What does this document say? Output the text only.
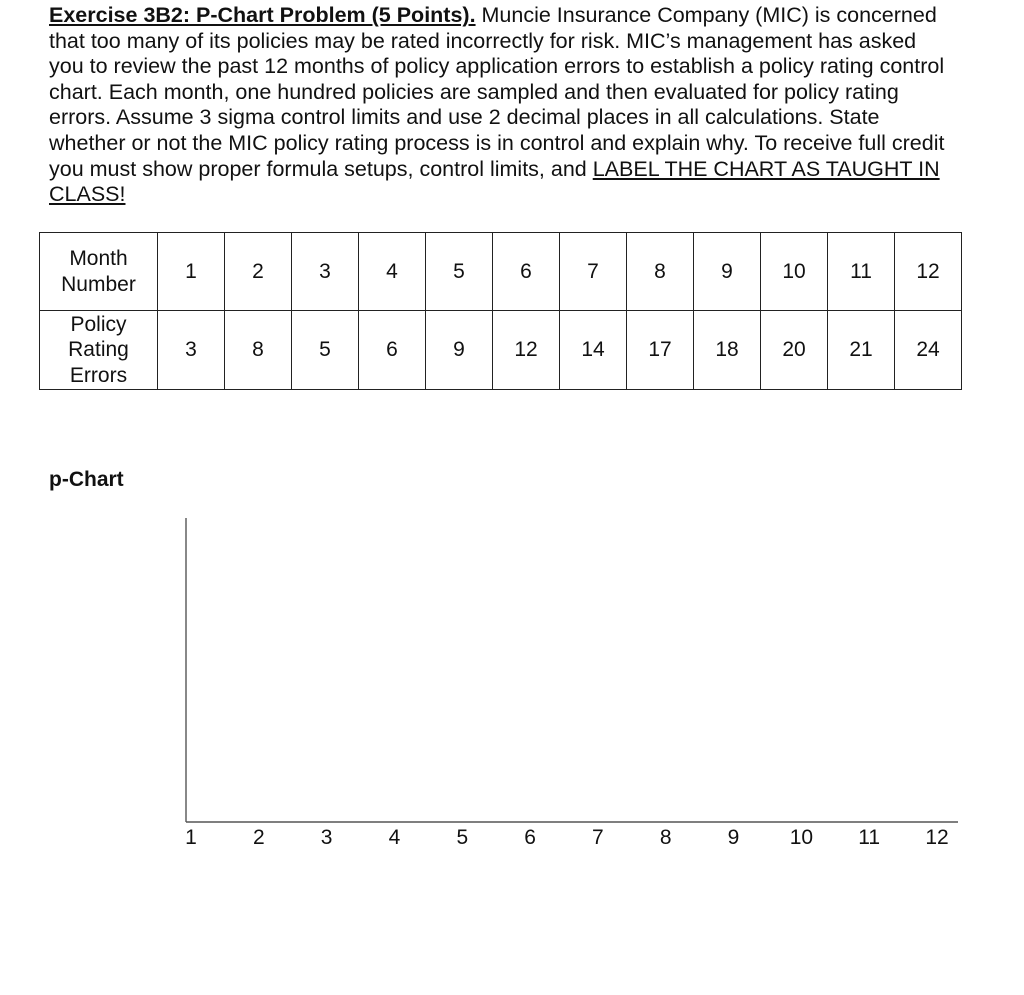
Exercise 3B2: P-Chart Problem (5 Points). Muncie Insurance Company (MIC) is concerned
that too many of its policies may be rated incorrectly for risk. MIC’s management has asked
you to review the past 12 months of policy application errors to establish a policy rating control
chart. Each month, one hundred policies are sampled and then evaluated for policy rating
errors. Assume 3 sigma control limits and use 2 decimal places in all calculations. State
whether or not the MIC policy rating process is in control and explain why. To receive full credit
you must show proper formula setups, control limits, and LABEL THE CHART AS TAUGHT IN
CLASS!

Month
Number	1	2	3	4	5	6	7	8	9	10	11	12
Policy
Rating
Errors	3	8	5	6	9	12	14	17	18	20	21	24

p-Chart

1	2	3	4	5	6	7	8	9 10 11 12
